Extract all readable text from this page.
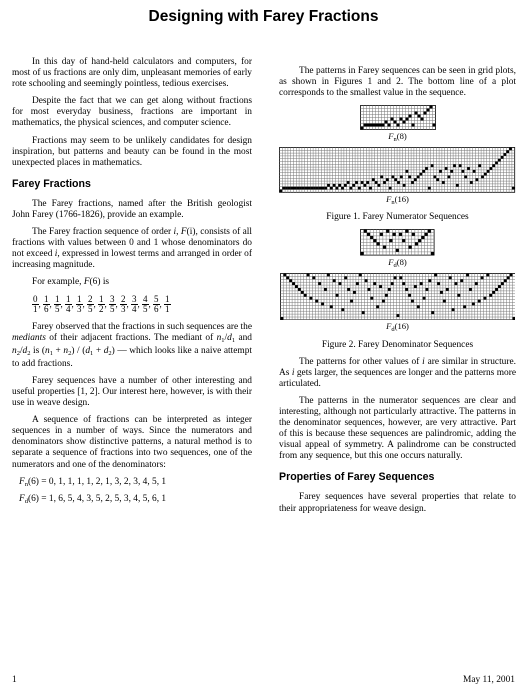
Designing with Farey Fractions

In this day of hand-held calculators and computers, for most of us fractions are only dim, unpleasant memories of early rote schooling and seemingly pointless, tedious exercises.

Despite the fact that we can get along without fractions for most everyday business, fractions are important in mathematics, the physical sciences, and computer science.

Fractions may seem to be unlikely candidates for design inspiration, but patterns and beauty can be found in the most unexpected places in mathematics.

Farey Fractions

The Farey fractions, named after the British geologist John Farey (1766-1826), provide an example.

The Farey fraction sequence of order i, F(i), consists of all fractions with values between 0 and 1 whose denominators do not exceed i, expressed in lowest terms and arranged in order of increasing magnitude.

For example, F(6) is

$\frac{0}{1}$ , $\frac{1}{6}$ , $\frac{1}{5}$ , $\frac{1}{4}$ , $\frac{1}{3}$ , $\frac{2}{5}$ , $\frac{1}{2}$ , $\frac{3}{5}$ , $\frac{2}{3}$ , $\frac{3}{4}$ , $\frac{4}{5}$ , $\frac{5}{6}$ , $\frac{1}{1}$

Farey observed that the fractions in such sequences are the mediants of their adjacent fractions. The mediant of $n_1/d_1$ and $n_2/d_2$ is $(n_1 + n_2) / (d_1 + d_2)$ — which looks like a naive attempt to add fractions.

Farey sequences have a number of other interesting and useful properties [1, 2]. Our interest here, however, is with their use in weave design.

A sequence of fractions can be interpreted as integer sequences in a number of ways. Since the numerators and denominators show distinctive patterns, a natural method is to separate a sequence of fractions into two sequences, one of the numerators and one of the denominators:

$F_n(6) = 0$, 1, 1, 1, 1, 2, 1, 3, 2, 3, 4, 5, 1
$F_d(6) = 1$, 6, 5, 4, 3, 5, 2, 5, 3, 4, 5, 6, 1

The patterns in Farey sequences can be seen in grid plots, as shown in Figures 1 and 2. The bottom line of a plot corresponds to the smallest value in the sequence.

$F_n(8)$
$F_n(16)$
Figure 1. Farey Numerator Sequences
$F_d(8)$
$F_d(16)$
Figure 2. Farey Denominator Sequences

The patterns for other values of i are similar in structure. As i gets larger, the sequences are longer and the patterns more articulated.

The patterns in the numerator sequences are clear and interesting, although not particularly attractive. The patterns in the denominator sequences, however, are very attractive. Part of this is because these sequences are palindromic, adding the visual appeal of symmetry. A palindrome can be constructed from any sequence, but this one occurs naturally.

Properties of Farey Sequences

Farey sequences have several properties that relate to their appropriateness for weave design.

1	May 11, 2001
